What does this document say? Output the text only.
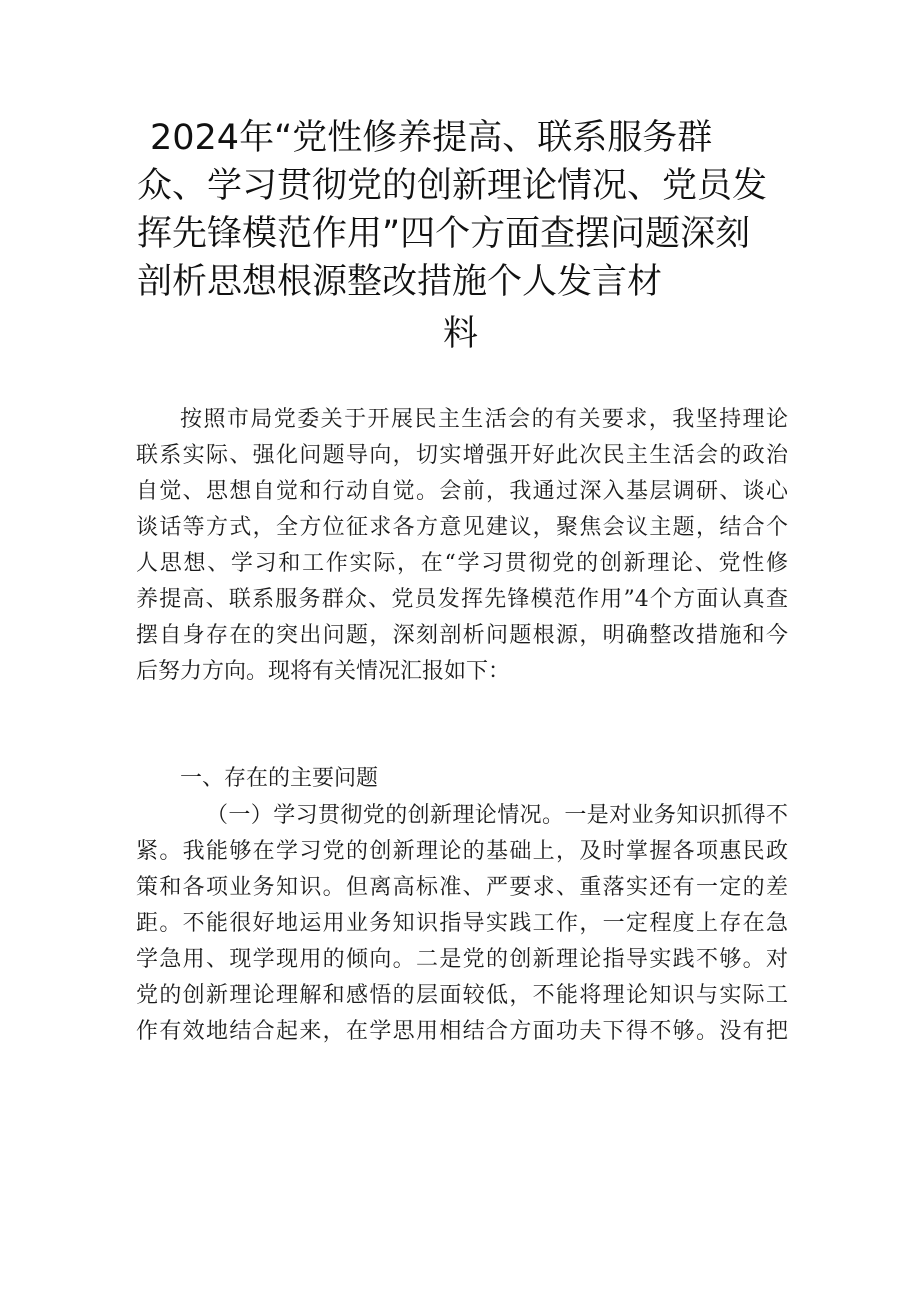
2024年“党性修养提高、联系服务群
众、学习贯彻党的创新理论情况、党员发
挥先锋模范作用”四个方面查摆问题深刻
剖析思想根源整改措施个人发言材
料
按照市局党委关于开展民主生活会的有关要求，我坚持理论
联系实际、强化问题导向，切实增强开好此次民主生活会的政治
自觉、思想自觉和行动自觉。会前，我通过深入基层调研、谈心
谈话等方式，全方位征求各方意见建议，聚焦会议主题，结合个
人思想、学习和工作实际，在“学习贯彻党的创新理论、党性修
养提高、联系服务群众、党员发挥先锋模范作用”4个方面认真查
摆自身存在的突出问题，深刻剖析问题根源，明确整改措施和今
后努力方向。现将有关情况汇报如下：
一、存在的主要问题
（一）学习贯彻党的创新理论情况。一是对业务知识抓得不
紧。我能够在学习党的创新理论的基础上，及时掌握各项惠民政
策和各项业务知识。但离高标准、严要求、重落实还有一定的差
距。不能很好地运用业务知识指导实践工作，一定程度上存在急
学急用、现学现用的倾向。二是党的创新理论指导实践不够。对
党的创新理论理解和感悟的层面较低，不能将理论知识与实际工
作有效地结合起来，在学思用相结合方面功夫下得不够。没有把
